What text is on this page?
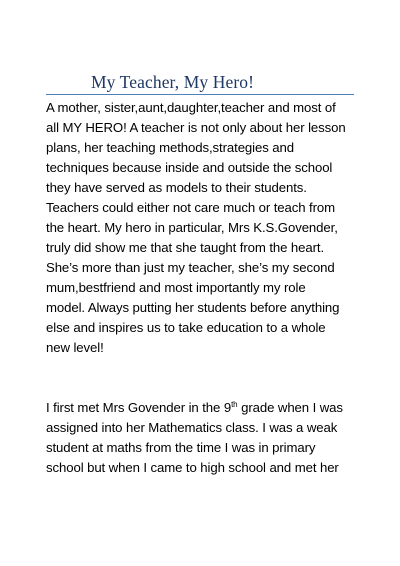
My Teacher, My Hero!
A mother, sister,aunt,daughter,teacher and most of
all MY HERO! A teacher is not only about her lesson
plans, her teaching methods,strategies and
techniques because inside and outside the school
they have served as models to their students.
Teachers could either not care much or teach from
the heart. My hero in particular, Mrs K.S.Govender,
truly did show me that she taught from the heart.
She’s more than just my teacher, she’s my second
mum,bestfriend and most importantly my role
model. Always putting her students before anything
else and inspires us to take education to a whole
new level!
I first met Mrs Govender in the 9th grade when I was
assigned into her Mathematics class. I was a weak
student at maths from the time I was in primary
school but when I came to high school and met her
